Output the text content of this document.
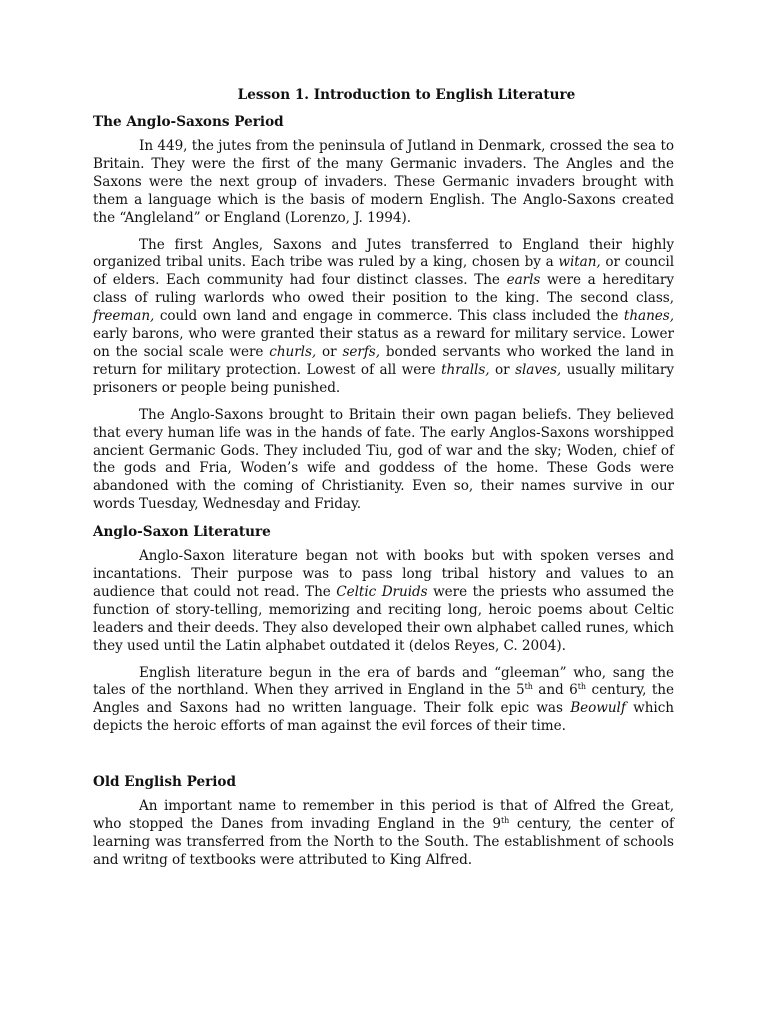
Lesson 1. Introduction to English Literature
The Anglo-Saxons Period

In 449, the jutes from the peninsula of Jutland in Denmark, crossed the sea to Britain. They were the first of the many Germanic invaders. The Angles and the Saxons were the next group of invaders. These Germanic invaders brought with them a language which is the basis of modern English. The Anglo-Saxons created the “Angleland” or England (Lorenzo, J. 1994).

The first Angles, Saxons and Jutes transferred to England their highly organized tribal units. Each tribe was ruled by a king, chosen by a witan, or council of elders. Each community had four distinct classes. The earls were a hereditary class of ruling warlords who owed their position to the king. The second class, freeman, could own land and engage in commerce. This class included the thanes, early barons, who were granted their status as a reward for military service. Lower on the social scale were churls, or serfs, bonded servants who worked the land in return for military protection. Lowest of all were thralls, or slaves, usually military prisoners or people being punished.

The Anglo-Saxons brought to Britain their own pagan beliefs. They believed that every human life was in the hands of fate. The early Anglos-Saxons worshipped ancient Germanic Gods. They included Tiu, god of war and the sky; Woden, chief of the gods and Fria, Woden’s wife and goddess of the home. These Gods were abandoned with the coming of Christianity. Even so, their names survive in our words Tuesday, Wednesday and Friday.

Anglo-Saxon Literature

Anglo-Saxon literature began not with books but with spoken verses and incantations. Their purpose was to pass long tribal history and values to an audience that could not read. The Celtic Druids were the priests who assumed the function of story-telling, memorizing and reciting long, heroic poems about Celtic leaders and their deeds. They also developed their own alphabet called runes, which they used until the Latin alphabet outdated it (delos Reyes, C. 2004).

English literature begun in the era of bards and “gleeman” who, sang the tales of the northland. When they arrived in England in the 5th and 6th century, the Angles and Saxons had no written language. Their folk epic was Beowulf which depicts the heroic efforts of man against the evil forces of their time.

Old English Period

An important name to remember in this period is that of Alfred the Great, who stopped the Danes from invading England in the 9th century, the center of learning was transferred from the North to the South. The establishment of schools and writng of textbooks were attributed to King Alfred.
